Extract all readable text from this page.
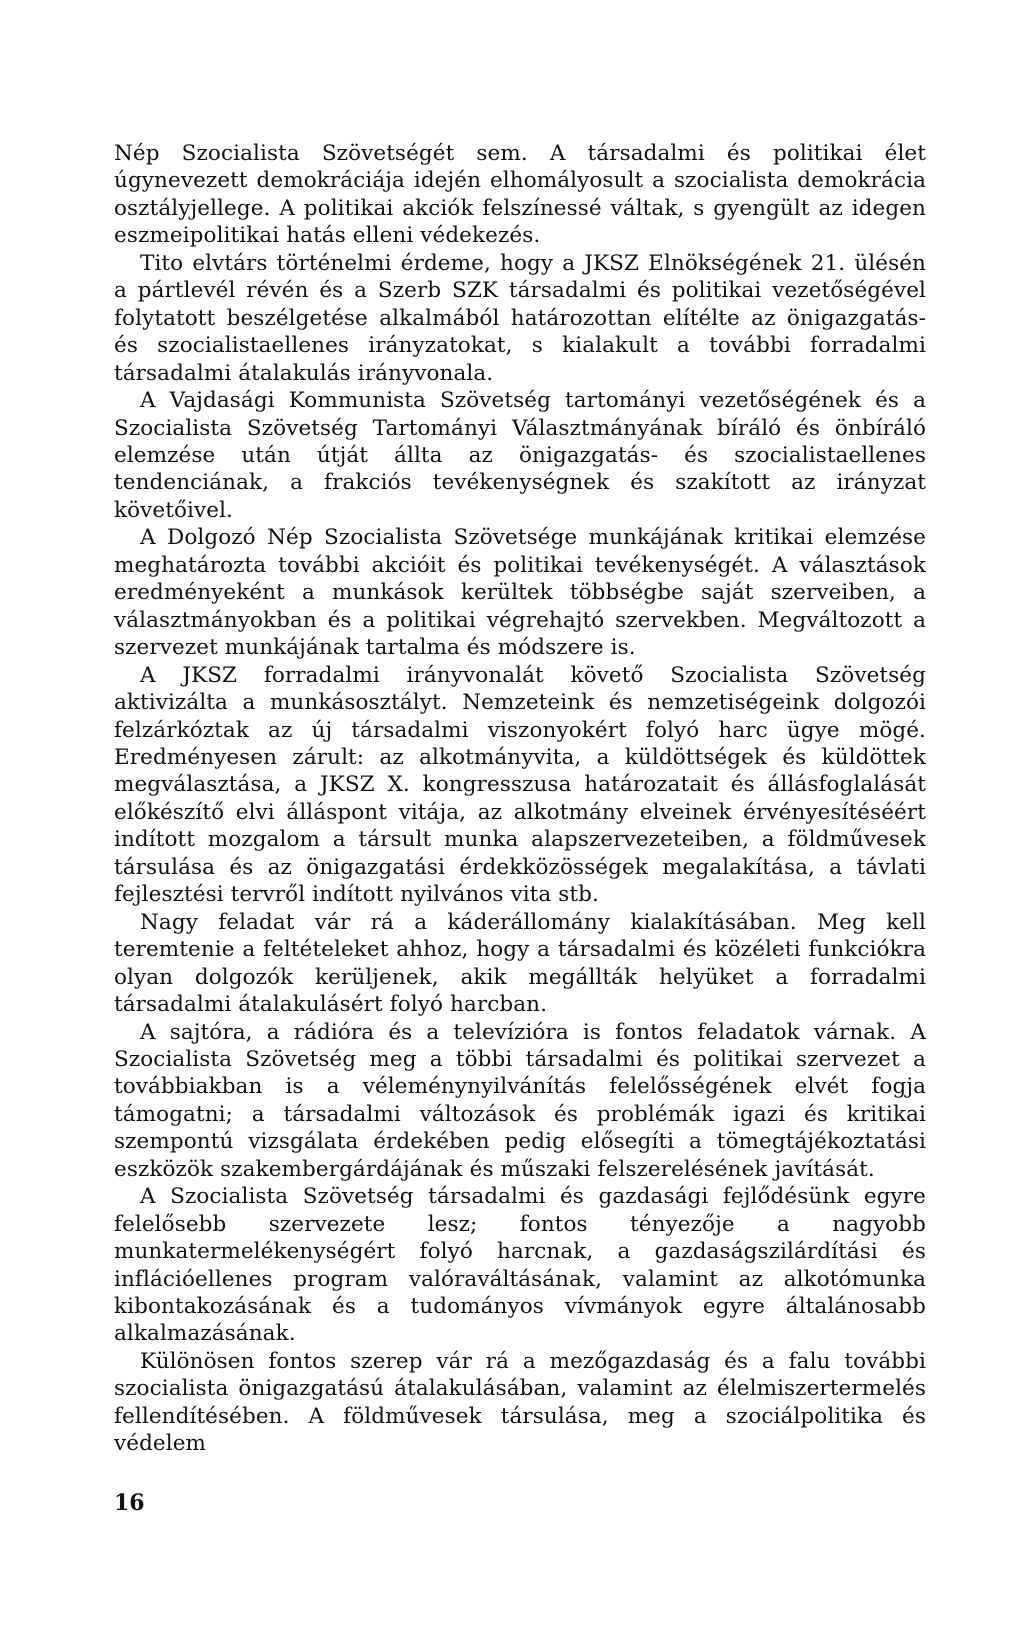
Nép Szocialista Szövetségét sem. A társadalmi és politikai élet úgynevezett demokráciája idején elhomályosult a szocialista demokrácia osztályjellege. A politikai akciók felszínessé váltak, s gyengült az idegen eszmeipolitikai hatás elleni védekezés.

Tito elvtárs történelmi érdeme, hogy a JKSZ Elnökségének 21. ülésén a pártlevél révén és a Szerb SZK társadalmi és politikai vezetőségével folytatott beszélgetése alkalmából határozottan elítélte az önigazgatás- és szocialistaellenes irányzatokat, s kialakult a további forradalmi társadalmi átalakulás irányvonala.

A Vajdasági Kommunista Szövetség tartományi vezetőségének és a Szocialista Szövetség Tartományi Választmányának bíráló és önbíráló elemzése után útját állta az önigazgatás- és szocialistaellenes tendenciának, a frakciós tevékenységnek és szakított az irányzat követőivel.

A Dolgozó Nép Szocialista Szövetsége munkájának kritikai elemzése meghatározta további akcióit és politikai tevékenységét. A választások eredményeként a munkások kerültek többségbe saját szerveiben, a választmányokban és a politikai végrehajtó szervekben. Megváltozott a szervezet munkájának tartalma és módszere is.

A JKSZ forradalmi irányvonalát követő Szocialista Szövetség aktivizálta a munkásosztályt. Nemzeteink és nemzetiségeink dolgozói felzárkóztak az új társadalmi viszonyokért folyó harc ügye mögé. Eredményesen zárult: az alkotmányvita, a küldöttségek és küldöttek megválasztása, a JKSZ X. kongresszusa határozatait és állásfoglalását előkészítő elvi álláspont vitája, az alkotmány elveinek érvényesítéséért indított mozgalom a társult munka alapszervezeteiben, a földművesek társulása és az önigazgatási érdekközösségek megalakítása, a távlati fejlesztési tervről indított nyilvános vita stb.

Nagy feladat vár rá a káderállomány kialakításában. Meg kell teremtenie a feltételeket ahhoz, hogy a társadalmi és közéleti funkciókra olyan dolgozók kerüljenek, akik megállták helyüket a forradalmi társadalmi átalakulásért folyó harcban.

A sajtóra, a rádióra és a televízióra is fontos feladatok várnak. A Szocialista Szövetség meg a többi társadalmi és politikai szervezet a továbbiakban is a véleménynyilvánítás felelősségének elvét fogja támogatni; a társadalmi változások és problémák igazi és kritikai szempontú vizsgálata érdekében pedig elősegíti a tömegtájékoztatási eszközök szakembergárdájának és műszaki felszerelésének javítását.

A Szocialista Szövetség társadalmi és gazdasági fejlődésünk egyre felelősebb szervezete lesz; fontos tényezője a nagyobb munkatermelékenységért folyó harcnak, a gazdaságszilárdítási és inflációellenes program valóraváltásának, valamint az alkotómunka kibontakozásának és a tudományos vívmányok egyre általánosabb alkalmazásának.

Különösen fontos szerep vár rá a mezőgazdaság és a falu további szocialista önigazgatású átalakulásában, valamint az élelmiszertermelés fellendítésében. A földművesek társulása, meg a szociálpolitika és védelem

16
